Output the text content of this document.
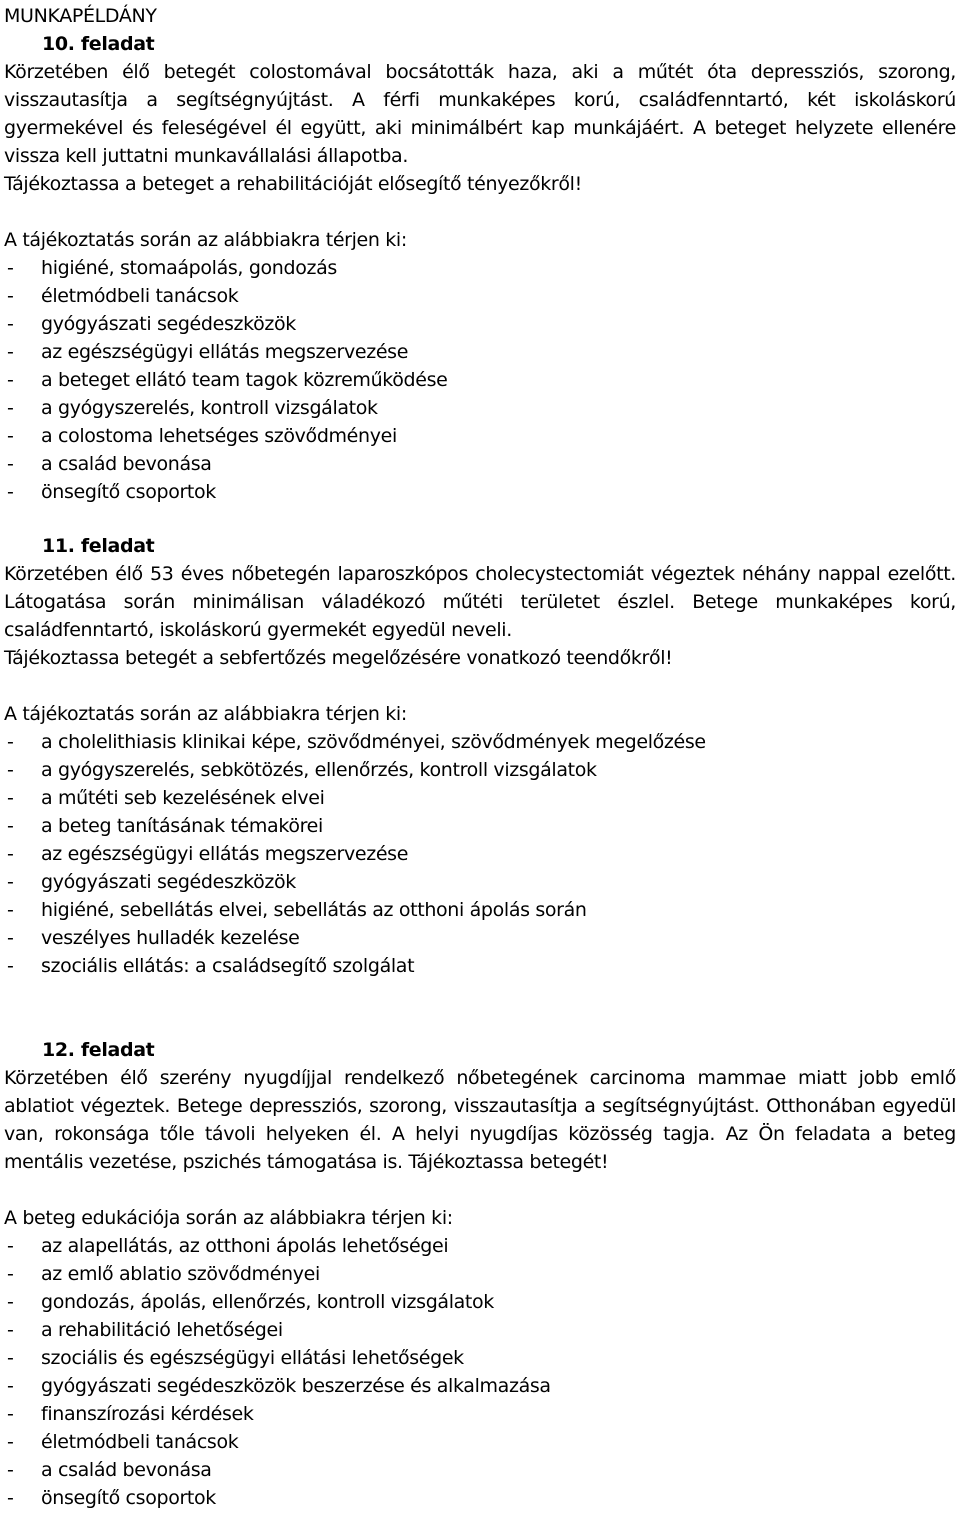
MUNKAPÉLDÁNY
10. feladat
Körzetében élő betegét colostomával bocsátották haza, aki a műtét óta depressziós, szorong, visszautasítja a segítségnyújtást. A férfi munkaképes korú, családfenntartó, két iskoláskorú gyermekével és feleségével él együtt, aki minimálbért kap munkájáért. A beteget helyzete ellenére vissza kell juttatni munkavállalási állapotba.
Tájékoztassa a beteget a rehabilitációját elősegítő tényezőkről!
A tájékoztatás során az alábbiakra térjen ki:
-	higiéné, stomaápolás, gondozás
-	életmódbeli tanácsok
-	gyógyászati segédeszközök
-	az egészségügyi ellátás megszervezése
-	a beteget ellátó team tagok közreműködése
-	a gyógyszerelés, kontroll vizsgálatok
-	a colostoma lehetséges szövődményei
-	a család bevonása
-	önsegítő csoportok
11. feladat
Körzetében élő 53 éves nőbetegén laparoszkópos cholecystectomiát végeztek néhány nappal ezelőtt. Látogatása során minimálisan váladékozó műtéti területet észlel. Betege munkaképes korú, családfenntartó, iskoláskorú gyermekét egyedül neveli.
Tájékoztassa betegét a sebfertőzés megelőzésére vonatkozó teendőkről!
A tájékoztatás során az alábbiakra térjen ki:
-	a cholelithiasis klinikai képe, szövődményei, szövődmények megelőzése
-	a gyógyszerelés, sebkötözés, ellenőrzés, kontroll vizsgálatok
-	a műtéti seb kezelésének elvei
-	a beteg tanításának témakörei
-	az egészségügyi ellátás megszervezése
-	gyógyászati segédeszközök
-	higiéné, sebellátás elvei, sebellátás az otthoni ápolás során
-	veszélyes hulladék kezelése
-	szociális ellátás: a családsegítő szolgálat
12. feladat
Körzetében élő szerény nyugdíjjal rendelkező nőbetegének carcinoma mammae miatt jobb emlő ablatiot végeztek. Betege depressziós, szorong, visszautasítja a segítségnyújtást. Otthonában egyedül van, rokonsága tőle távoli helyeken él. A helyi nyugdíjas közösség tagja. Az Ön feladata a beteg mentális vezetése, pszichés támogatása is. Tájékoztassa betegét!
A beteg edukációja során az alábbiakra térjen ki:
-	az alapellátás, az otthoni ápolás lehetőségei
-	az emlő ablatio szövődményei
-	gondozás, ápolás, ellenőrzés, kontroll vizsgálatok
-	a rehabilitáció lehetőségei
-	szociális és egészségügyi ellátási lehetőségek
-	gyógyászati segédeszközök beszerzése és alkalmazása
-	finanszírozási kérdések
-	életmódbeli tanácsok
-	a család bevonása
-	önsegítő csoportok
